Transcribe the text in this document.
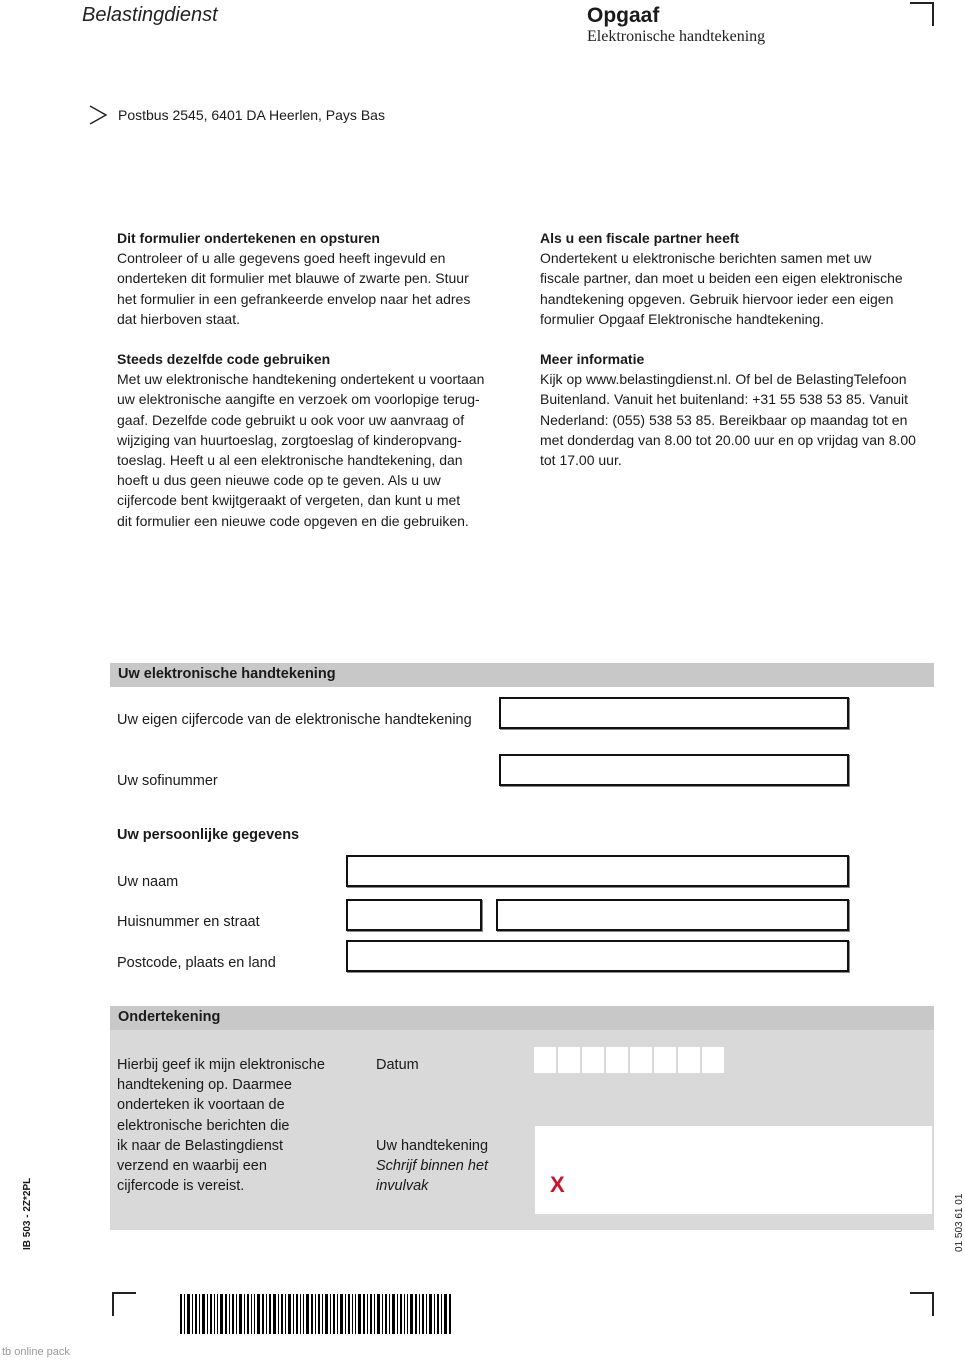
Belastingdienst	Opgaaf
Elektronische handtekening
Postbus 2545, 6401 DA Heerlen, Pays Bas
Dit formulier ondertekenen en opsturen

Controleer of u alle gegevens goed heeft ingevuld en

onderteken dit formulier met blauwe of zwarte pen. Stuur

het formulier in een gefrankeerde envelop naar het adres

dat hierboven staat.

Steeds dezelfde code gebruiken

Met uw elektronische handtekening ondertekent u voortaan

uw elektronische aangifte en verzoek om voorlopige terug-

gaaf. Dezelfde code gebruikt u ook voor uw aanvraag of

wijziging van huurtoeslag, zorgtoeslag of kinderopvang-

toeslag. Heeft u al een elektronische handtekening, dan

hoeft u dus geen nieuwe code op te geven. Als u uw

cijfercode bent kwijtgeraakt of vergeten, dan kunt u met

dit formulier een nieuwe code opgeven en die gebruiken.

Als u een fiscale partner heeft

Ondertekent u elektronische berichten samen met uw

fiscale partner, dan moet u beiden een eigen elektronische

handtekening opgeven. Gebruik hiervoor ieder een eigen

formulier Opgaaf Elektronische handtekening.

Meer informatie

Kijk op www.belastingdienst.nl. Of bel de BelastingTelefoon

Buitenland. Vanuit het buitenland: +31 55 538 53 85. Vanuit

Nederland: (055) 538 53 85. Bereikbaar op maandag tot en

met donderdag van 8.00 tot 20.00 uur en op vrijdag van 8.00

tot 17.00 uur.

Uw elektronische handtekening
Uw eigen cijfercode van de elektronische handtekening
Uw sofinummer
Uw persoonlijke gegevens
Uw naam
Huisnummer en straat
Postcode, plaats en land
Ondertekening
Hierbij geef ik mijn elektronische
handtekening op. Daarmee
onderteken ik voortaan de
elektronische berichten die
ik naar de Belastingdienst
verzend en waarbij een
cijfercode is vereist.
Datum
Uw handtekening
Schrijf binnen het
invulvak	X
IB 503 - 2Z*2PL	01 503 61 01
tb online pack
